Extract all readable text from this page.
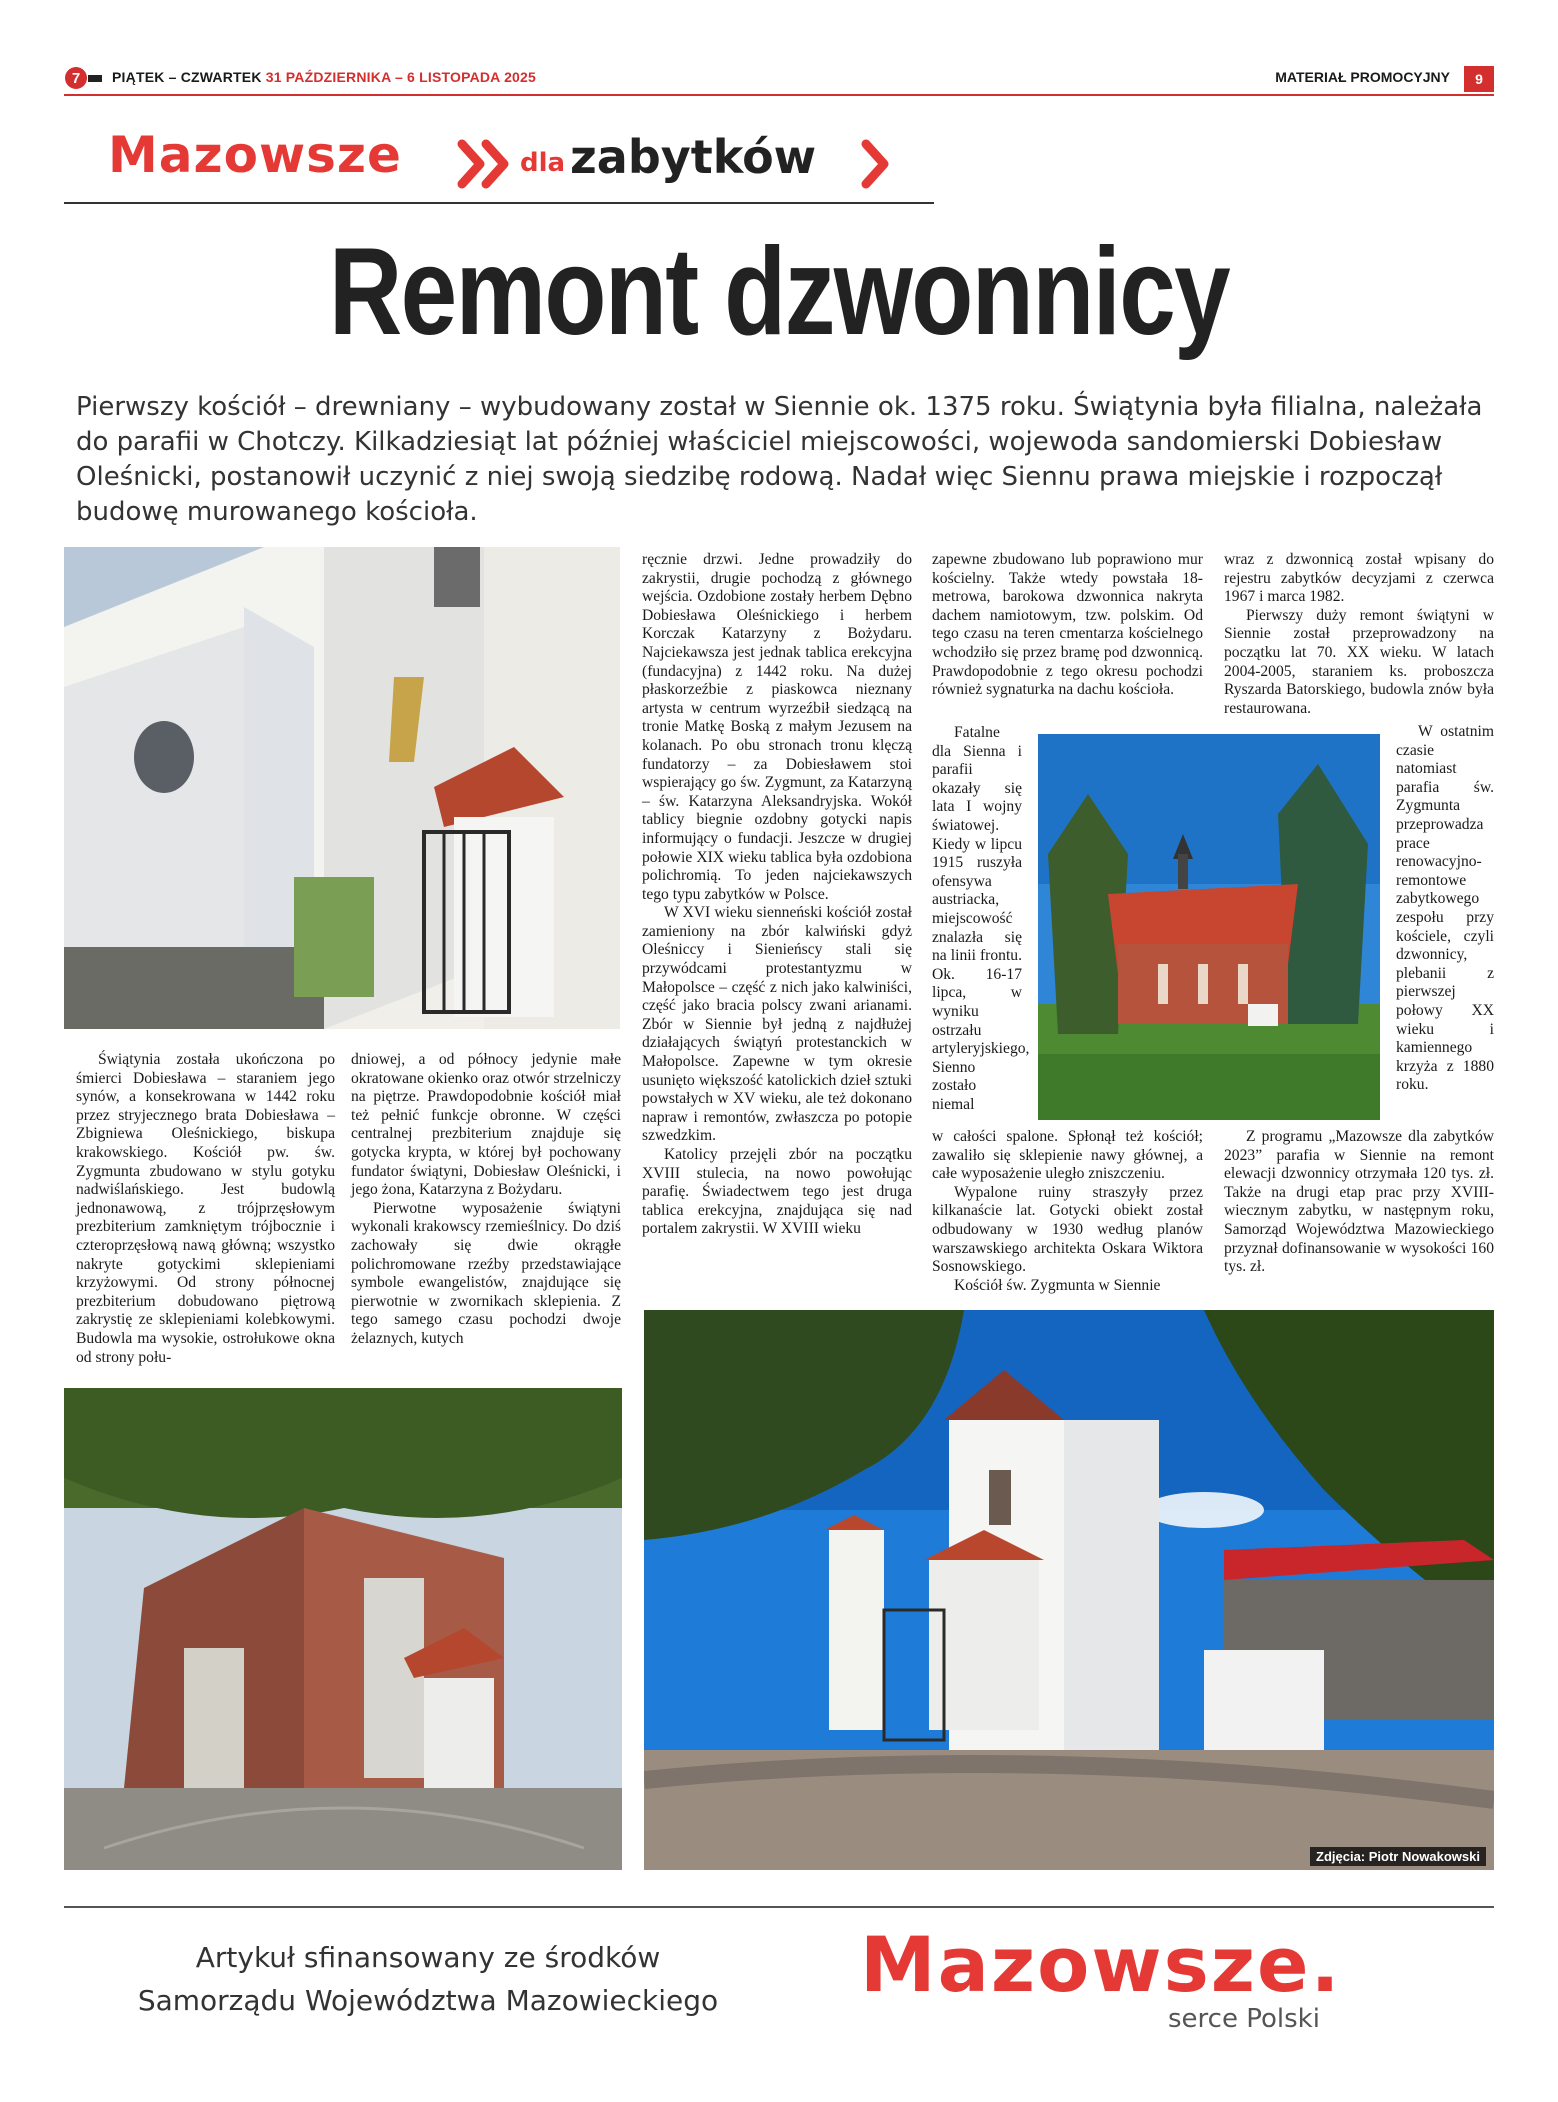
7 PIĄTEK – CZWARTEK 31 PAŹDZIERNIKA – 6 LISTOPADA 2025	MATERIAŁ PROMOCYJNY	9
Mazowsze	dla zabytków
Remont dzwonnicy
Pierwszy kościół – drewniany – wybudowany został w Siennie ok. 1375 roku. Świątynia była filialna, należała do parafii w Chotczy. Kilkadziesiąt lat później właściciel miejscowości, wojewoda sandomierski Dobiesław Oleśnicki, postanowił uczynić z niej swoją siedzibę rodową. Nadał więc Siennu prawa miejskie i rozpoczął budowę murowanego kościoła.

Świątynia została ukończona po śmierci Dobiesława – staraniem jego synów, a konsekrowana w 1442 roku przez stryjecznego brata Dobiesława – Zbigniewa Oleśnickiego, biskupa krakowskiego. Kościół pw. św. Zygmunta zbudowano w stylu gotyku nadwiślańskiego. Jest budowlą jednonawową, z trójprzęsłowym prezbiterium zamkniętym trójbocznie i czteroprzęsłową nawą główną; wszystko nakryte gotyckimi sklepieniami krzyżowymi. Od strony północnej prezbiterium dobudowano piętrową zakrystię ze sklepieniami kolebkowymi. Budowla ma wysokie, ostrołukowe okna od strony połu-

dniowej, a od północy jedynie małe okratowane okienko oraz otwór strzelniczy na piętrze. Prawdopodobnie kościół miał też pełnić funkcje obronne. W części centralnej prezbiterium znajduje się gotycka krypta, w której był pochowany fundator świątyni, Dobiesław Oleśnicki, i jego żona, Katarzyna z Bożydaru.

Pierwotne wyposażenie świątyni wykonali krakowscy rzemieślnicy. Do dziś zachowały się dwie okrągłe polichromowane rzeźby przedstawiające symbole ewangelistów, znajdujące się pierwotnie w zwornikach sklepienia. Z tego samego czasu pochodzi dwoje żelaznych, kutych

ręcznie drzwi. Jedne prowadziły do zakrystii, drugie pochodzą z głównego wejścia. Ozdobione zostały herbem Dębno Dobiesława Oleśnickiego i herbem Korczak Katarzyny z Bożydaru. Najciekawsza jest jednak tablica erekcyjna (fundacyjna) z 1442 roku. Na dużej płaskorzeźbie z piaskowca nieznany artysta w centrum wyrzeźbił siedzącą na tronie Matkę Boską z małym Jezusem na kolanach. Po obu stronach tronu klęczą fundatorzy – za Dobiesławem stoi wspierający go św. Zygmunt, za Katarzyną – św. Katarzyna Aleksandryjska. Wokół tablicy biegnie ozdobny gotycki napis informujący o fundacji. Jeszcze w drugiej połowie XIX wieku tablica była ozdobiona polichromią. To jeden najciekawszych tego typu zabytków w Polsce.

W XVI wieku sienneński kościół został zamieniony na zbór kalwiński gdyż Oleśniccy i Sienieńscy stali się przywódcami protestantyzmu w Małopolsce – część z nich jako kalwiniści, część jako bracia polscy zwani arianami. Zbór w Siennie był jedną z najdłużej działających świątyń protestanckich w Małopolsce. Zapewne w tym okresie usunięto większość katolickich dzieł sztuki powstałych w XV wieku, ale też dokonano napraw i remontów, zwłaszcza po potopie szwedzkim.

Katolicy przejęli zbór na początku XVIII stulecia, na nowo powołując parafię. Świadectwem tego jest druga tablica erekcyjna, znajdująca się nad portalem zakrystii. W XVIII wieku

zapewne zbudowano lub poprawiono mur kościelny. Także wtedy powstała 18-metrowa, barokowa dzwonnica nakryta dachem namiotowym, tzw. polskim. Od tego czasu na teren cmentarza kościelnego wchodziło się przez bramę pod dzwonnicą. Prawdopodobnie z tego okresu pochodzi również sygnaturka na dachu kościoła.

Fatalne dla Sienna i parafii okazały się lata I wojny światowej. Kiedy w lipcu 1915 ruszyła ofensywa austriacka, miejscowość znalazła się na linii frontu. Ok. 16-17 lipca, w wyniku ostrzału artyleryjskiego, Sienno zostało niemal

w całości spalone. Spłonął też kościół; zawaliło się sklepienie nawy głównej, a całe wyposażenie uległo zniszczeniu.

Wypalone ruiny straszyły przez kilkanaście lat. Gotycki obiekt został odbudowany w 1930 według planów warszawskiego architekta Oskara Wiktora Sosnowskiego.

Kościół św. Zygmunta w Siennie

wraz z dzwonnicą został wpisany do rejestru zabytków decyzjami z czerwca 1967 i marca 1982.

Pierwszy duży remont świątyni w Siennie został przeprowadzony na początku lat 70. XX wieku. W latach 2004-2005, staraniem ks. proboszcza Ryszarda Batorskiego, budowla znów była restaurowana.

W ostatnim czasie natomiast parafia św. Zygmunta przeprowadza prace renowacyjno-remontowe zabytkowego zespołu przy kościele, czyli dzwonnicy, plebanii z pierwszej połowy XX wieku i kamiennego krzyża z 1880 roku.

Z programu „Mazowsze dla zabytków 2023” parafia w Siennie na remont elewacji dzwonnicy otrzymała 120 tys. zł. Także na drugi etap prac przy XVIII-wiecznym zabytku, w następnym roku, Samorząd Województwa Mazowieckiego przyznał dofinansowanie w wysokości 160 tys. zł.

Zdjęcia: Piotr Nowakowski
Artykuł sfinansowany ze środków
Samorządu Województwa Mazowieckiego	Mazowsze.
serce Polski
